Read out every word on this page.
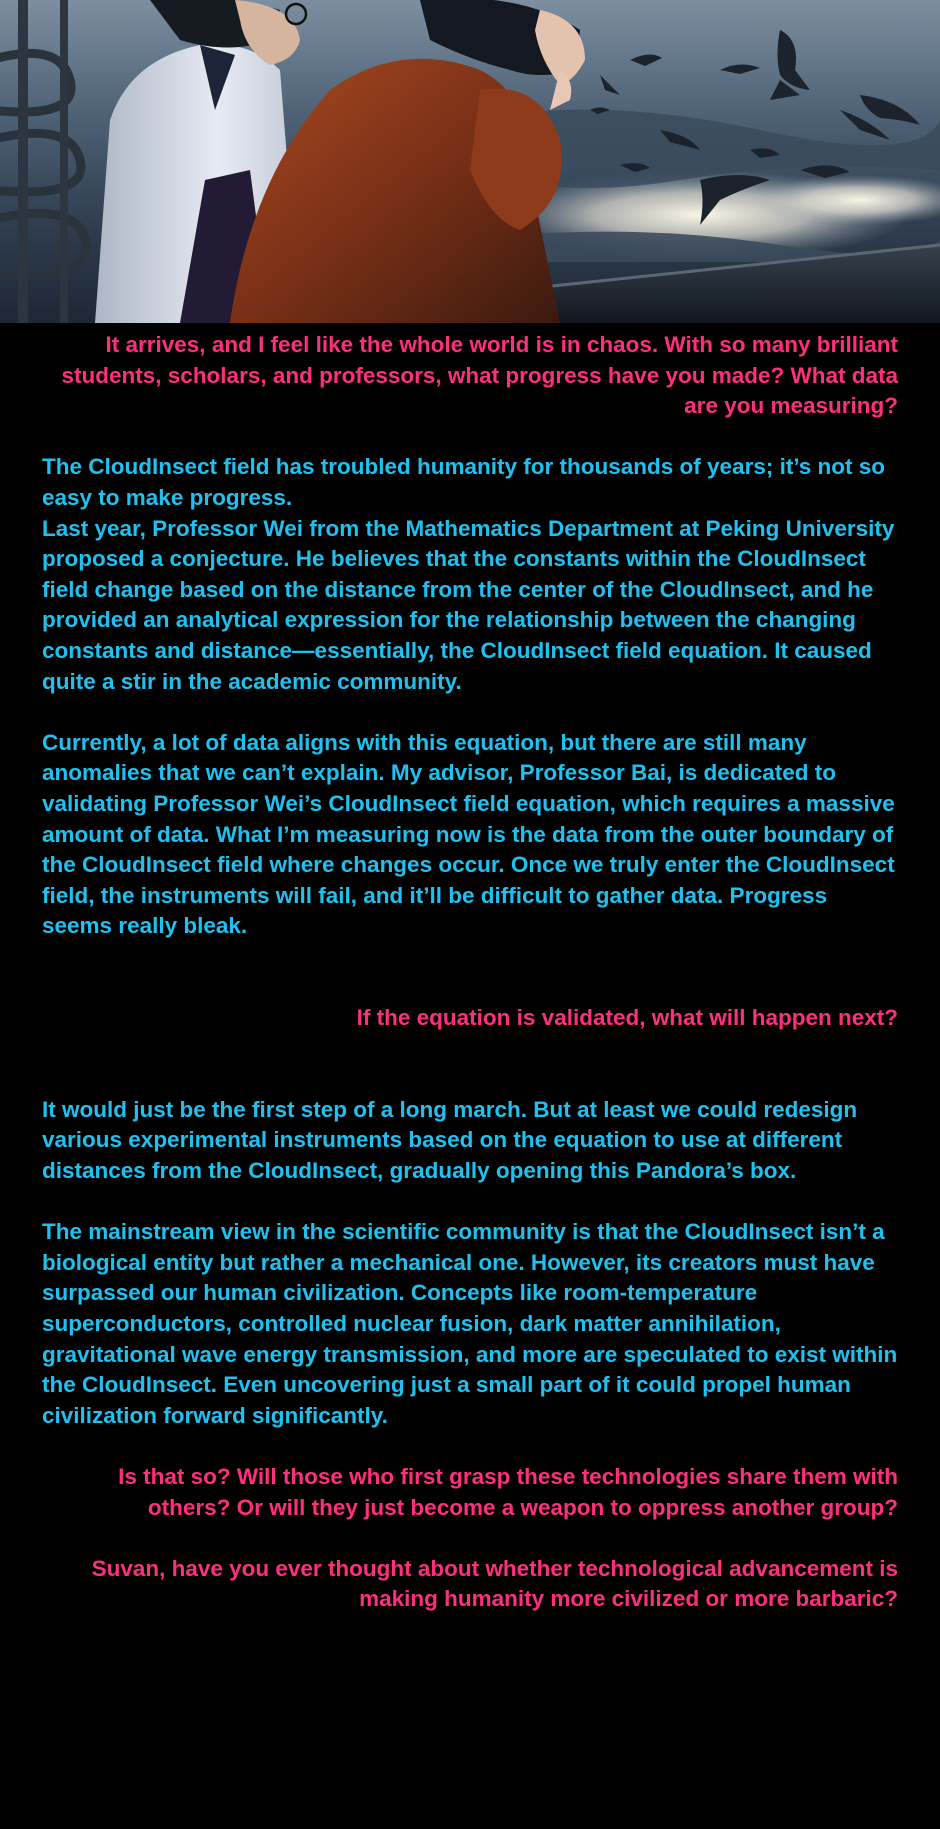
It arrives, and I feel like the whole world is in chaos. With so many brilliant students, scholars, and professors, what progress have you made? What data are you measuring?

The CloudInsect field has troubled humanity for thousands of years; it’s not so easy to make progress.

Last year, Professor Wei from the Mathematics Department at Peking University proposed a conjecture. He believes that the constants within the CloudInsect field change based on the distance from the center of the CloudInsect, and he provided an analytical expression for the relationship between the changing constants and distance—essentially, the CloudInsect field equation. It caused quite a stir in the academic community.

Currently, a lot of data aligns with this equation, but there are still many anomalies that we can’t explain. My advisor, Professor Bai, is dedicated to validating Professor Wei’s CloudInsect field equation, which requires a massive amount of data. What I’m measuring now is the data from the outer boundary of the CloudInsect field where changes occur. Once we truly enter the CloudInsect field, the instruments will fail, and it’ll be difficult to gather data. Progress seems really bleak.

If the equation is validated, what will happen next?

It would just be the first step of a long march. But at least we could redesign various experimental instruments based on the equation to use at different distances from the CloudInsect, gradually opening this Pandora’s box.

The mainstream view in the scientific community is that the CloudInsect isn’t a biological entity but rather a mechanical one. However, its creators must have surpassed our human civilization. Concepts like room-temperature superconductors, controlled nuclear fusion, dark matter annihilation, gravitational wave energy transmission, and more are speculated to exist within the CloudInsect. Even uncovering just a small part of it could propel human civilization forward significantly.

Is that so? Will those who first grasp these technologies share them with others? Or will they just become a weapon to oppress another group?

Suvan, have you ever thought about whether technological advancement is making humanity more civilized or more barbaric?
